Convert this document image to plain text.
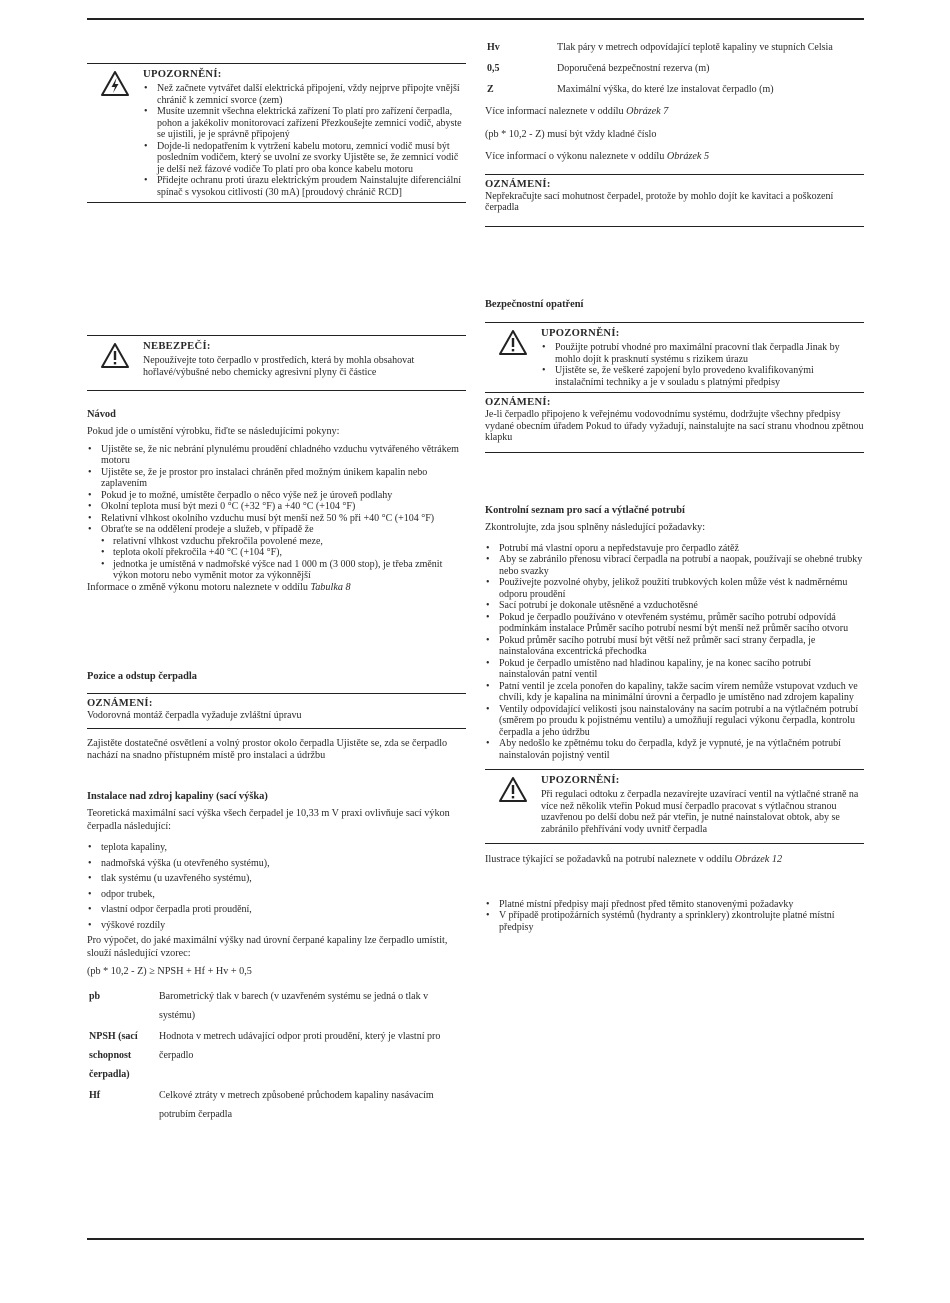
UPOZORNĚNÍ:
• Než začnete vytvářet další elektrická připojení, vždy nejprve připojte vnější chránič k zemnicí svorce (zem)
• Musíte uzemnit všechna elektrická zařízení To platí pro zařízení čerpadla, pohon a jakékoliv monitorovací zařízení Přezkoušejte zemnicí vodič, abyste se ujistili, je je správně připojený
• Dojde-li nedopatřením k vytržení kabelu motoru, zemnicí vodič musí být posledním vodičem, který se uvolní ze svorky Ujistěte se, že zemnicí vodič je delší než fázové vodiče To platí pro oba konce kabelu motoru
• Přidejte ochranu proti úrazu elektrickým proudem Nainstalujte diferenciální spínač s vysokou citlivostí (30 mA) [proudový chránič RCD]
NEBEZPEČÍ:

Nepoužívejte toto čerpadlo v prostředích, která by mohla obsahovat hořlavé/výbušné nebo chemicky agresivní plyny či částice

Návod
Pokud jde o umístění výrobku, řiďte se následujícími pokyny:
• Ujistěte se, že nic nebrání plynulému proudění chladného vzduchu vytvářeného větrákem motoru
• Ujistěte se, že je prostor pro instalaci chráněn před možným únikem kapalin nebo zaplavením
• Pokud je to možné, umístěte čerpadlo o něco výše než je úroveň podlahy
• Okolní teplota musí být mezi 0 °C (+32 °F) a +40 °C (+104 °F)
• Relativní vlhkost okolního vzduchu musí být menší než 50 % při +40 °C (+104 °F)
• Obraťte se na oddělení prodeje a služeb, v případě že
• relativní vlhkost vzduchu překročila povolené meze,
• teplota okolí překročila +40 °C (+104 °F),
• jednotka je umístěná v nadmořské výšce nad 1 000 m (3 000 stop), je třeba změnit výkon motoru nebo vyměnit motor za výkonnější
Informace o změně výkonu motoru naleznete v oddílu Tabulka 8
Pozice a odstup čerpadla
OZNÁMENÍ:

Vodorovná montáž čerpadla vyžaduje zvláštní úpravu

Zajistěte dostatečné osvětlení a volný prostor okolo čerpadla Ujistěte se, zda se čerpadlo nachází na snadno přístupném místě pro instalaci a údržbu
Instalace nad zdroj kapaliny (sací výška)
Teoretická maximální sací výška všech čerpadel je 10,33 m V praxi ovlivňuje sací výkon čerpadla následující:
• teplota kapaliny,
• nadmořská výška (u otevřeného systému),
• tlak systému (u uzavřeného systému),
• odpor trubek,
• vlastní odpor čerpadla proti proudění,
• výškové rozdíly
Pro výpočet, do jaké maximální výšky nad úrovní čerpané kapaliny lze čerpadlo umístit, slouží následující vzorec:
(pb * 10,2 - Z) ≥ NPSH + Hf + Hv + 0,5
pb	Barometrický tlak v barech (v uzavřeném systému se jedná o tlak v systému)
NPSH (sací schopnost čerpadla)	Hodnota v metrech udávající odpor proti proudění, který je vlastní pro čerpadlo
Hf	Celkové ztráty v metrech způsobené průchodem kapaliny nasávacím potrubím čerpadla
Hv	Tlak páry v metrech odpovídající teplotě kapaliny ve stupních Celsia
0,5	Doporučená bezpečnostní rezerva (m)
Z	Maximální výška, do které lze instalovat čerpadlo (m)
Více informací naleznete v oddílu Obrázek 7
(pb * 10,2 - Z) musí být vždy kladné číslo
Více informací o výkonu naleznete v oddílu Obrázek 5
OZNÁMENÍ:

Nepřekračujte sací mohutnost čerpadel, protože by mohlo dojít ke kavitaci a poškození čerpadla

Bezpečnostní opatření
UPOZORNĚNÍ:
• Použijte potrubí vhodné pro maximální pracovní tlak čerpadla Jinak by mohlo dojít k prasknutí systému s rizikem úrazu
• Ujistěte se, že veškeré zapojení bylo provedeno kvalifikovanými instalačními techniky a je v souladu s platnými předpisy
OZNÁMENÍ:

Je-li čerpadlo připojeno k veřejnému vodovodnímu systému, dodržujte všechny předpisy vydané obecním úřadem Pokud to úřady vyžadují, nainstalujte na sací stranu vhodnou zpětnou klapku

Kontrolní seznam pro sací a výtlačné potrubí
Zkontrolujte, zda jsou splněny následující požadavky:
• Potrubí má vlastní oporu a nepředstavuje pro čerpadlo zátěž
• Aby se zabránilo přenosu vibrací čerpadla na potrubí a naopak, používají se ohebné trubky nebo svazky
• Používejte pozvolné ohyby, jelikož použití trubkových kolen může vést k nadměrnému odporu proudění
• Sací potrubí je dokonale utěsněné a vzduchotěsné
• Pokud je čerpadlo používáno v otevřeném systému, průměr sacího potrubí odpovídá podmínkám instalace Průměr sacího potrubí nesmí být menší než průměr sacího otvoru
• Pokud průměr sacího potrubí musí být větší než průměr sací strany čerpadla, je nainstalována excentrická přechodka
• Pokud je čerpadlo umístěno nad hladinou kapaliny, je na konec sacího potrubí nainstalován patní ventil
• Patní ventil je zcela ponořen do kapaliny, takže sacím vírem nemůže vstupovat vzduch ve chvíli, kdy je kapalina na minimální úrovni a čerpadlo je umístěno nad zdrojem kapaliny
• Ventily odpovídající velikosti jsou nainstalovány na sacím potrubí a na výtlačném potrubí (směrem po proudu k pojistnému ventilu) a umožňují regulaci výkonu čerpadla, kontrolu čerpadla a jeho údržbu
• Aby nedošlo ke zpětnému toku do čerpadla, když je vypnuté, je na výtlačném potrubí nainstalován pojistný ventil
UPOZORNĚNÍ:

Při regulaci odtoku z čerpadla nezavírejte uzavírací ventil na výtlačné straně na více než několik vteřin Pokud musí čerpadlo pracovat s výtlačnou stranou uzavřenou po delší dobu než pár vteřin, je nutné nainstalovat obtok, aby se zabránilo přehřívání vody uvnitř čerpadla

Ilustrace týkající se požadavků na potrubí naleznete v oddílu Obrázek 12
• Platné místní předpisy mají přednost před těmito stanovenými požadavky
• V případě protipožárních systémů (hydranty a sprinklery) zkontrolujte platné místní předpisy
